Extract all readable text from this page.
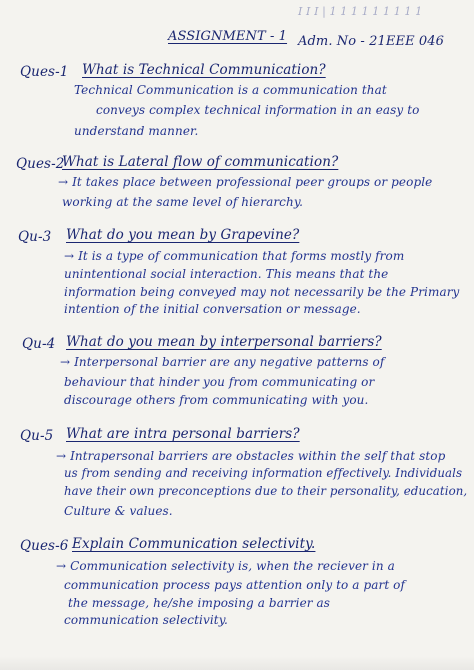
I I I | 1 1 1 1 1 1 1 1 1
ASSIGNMENT - 1 Adm. No - 21EEE 046
Ques-1 What is Technical Communication?
Technical Communication is a communication that
conveys complex technical information in an easy to
understand manner.
Ques-2
What is Lateral flow of communication?
→ It takes place between professional peer groups or people
working at the same level of hierarchy.
Qu-3 What do you mean by Grapevine?
→ It is a type of communication that forms mostly from
unintentional social interaction. This means that the
information being conveyed may not necessarily be the Primary
intention of the initial conversation or message.
Qu-4 What do you mean by interpersonal barriers?
→ Interpersonal barrier are any negative patterns of
behaviour that hinder you from communicating or
discourage others from communicating with you.
Qu-5 What are intra personal barriers?
→ Intrapersonal barriers are obstacles within the self that stop
us from sending and receiving information effectively. Individuals
have their own preconceptions due to their personality, education,
Culture & values.
Ques-6 Explain Communication selectivity.
→ Communication selectivity is, when the reciever in a
communication process pays attention only to a part of
the message, he/she imposing a barrier as
communication selectivity.
